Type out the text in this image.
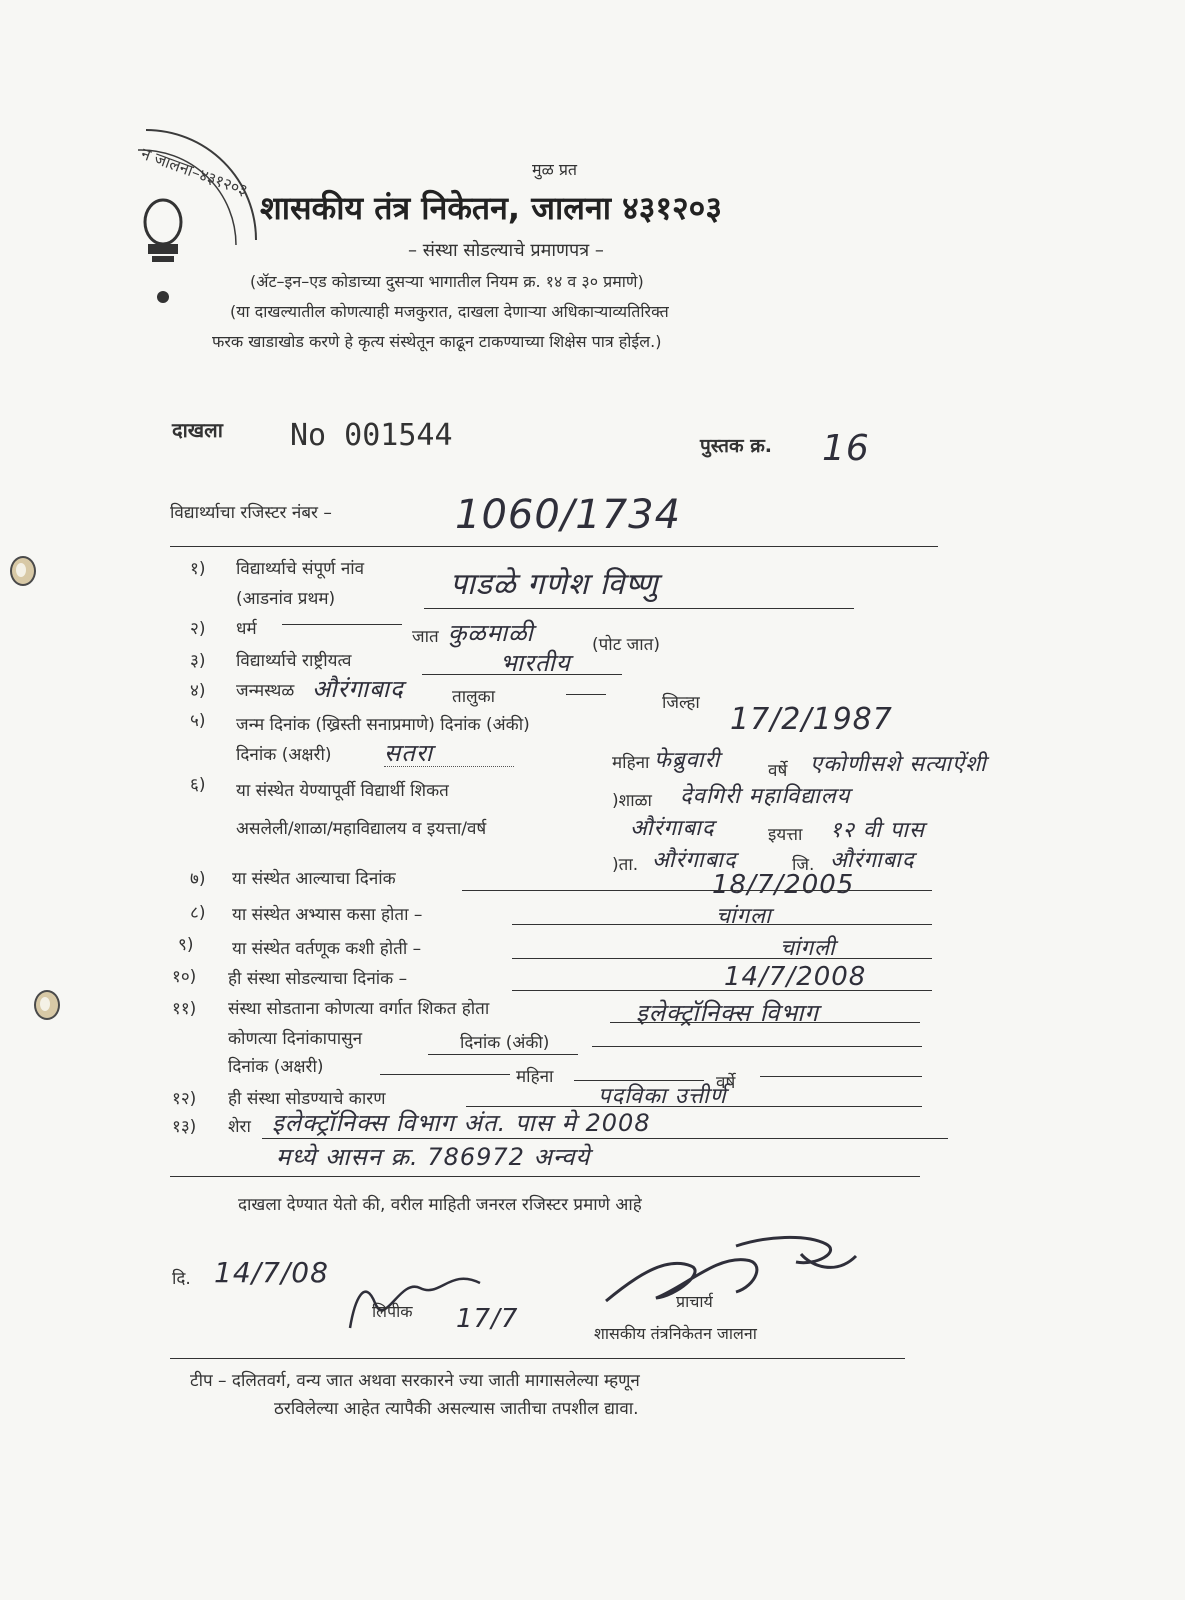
न जालना–४३१२०३	मुळ प्रत
शासकीय तंत्र निकेतन, जालना ४३१२०३
– संस्था सोडल्याचे प्रमाणपत्र –
(ॲट–इन–एड कोडाच्या दुसऱ्या भागातील नियम क्र. १४ व ३० प्रमाणे)
(या दाखल्यातील कोणत्याही मजकुरात, दाखला देणाऱ्या अधिकाऱ्याव्यतिरिक्त
फरक खाडाखोड करणे हे कृत्य संस्थेतून काढून टाकण्याच्या शिक्षेस पात्र होईल.)
दाखला No 001544	पुस्तक क्र. 16
विद्यार्थ्याचा रजिस्टर नंबर –	1060/1734
१) विद्यार्थ्याचे संपूर्ण नांव
(आडनांव प्रथम)	पाडळे गणेश विष्णु
२) धर्म	जात कुळमाळी	(पोट जात)
३) विद्यार्थ्याचे राष्ट्रीयत्व	भारतीय
४) जन्मस्थळ औरंगाबाद	तालुका	जिल्हा
५) जन्म दिनांक (ख्रिस्ती सनाप्रमाणे) दिनांक (अंकी)	17/2/1987
दिनांक (अक्षरी) सतरा	महिना फेब्रुवारी	वर्षे एकोणीसशे सत्याऐंशी
६) या संस्थेत येण्यापूर्वी विद्यार्थी शिकत
असलेली/शाळा/महाविद्यालय व इयत्ता/वर्ष
)शाळा देवगिरी महाविद्यालय
औरंगाबाद	इयत्ता १२ वी पास
)ता. औरंगाबाद	जि. औरंगाबाद
७) या संस्थेत आल्याचा दिनांक	18/7/2005
८) या संस्थेत अभ्यास कसा होता –	चांगला
९) या संस्थेत वर्तणूक कशी होती –	चांगली
१०) ही संस्था सोडल्याचा दिनांक –	14/7/2008
११) संस्था सोडताना कोणत्या वर्गात शिकत होता	इलेक्ट्रॉनिक्स विभाग
कोणत्या दिनांकापासुन	दिनांक (अंकी)
दिनांक (अक्षरी)	महिना	वर्षे
१२) ही संस्था सोडण्याचे कारण	पदविका उत्तीर्ण
१३) शेरा इलेक्ट्रॉनिक्स विभाग अंत. पास मे 2008
मध्ये आसन क्र. 786972 अन्वये
दाखला देण्यात येतो की, वरील माहिती जनरल रजिस्टर प्रमाणे आहे
दि. 14/7/08
लिपीक 17/7
प्राचार्य
शासकीय तंत्रनिकेतन जालना
टीप – दलितवर्ग, वन्य जात अथवा सरकारने ज्या जाती मागासलेल्या म्हणून
ठरविलेल्या आहेत त्यापैकी असल्यास जातीचा तपशील द्यावा.
